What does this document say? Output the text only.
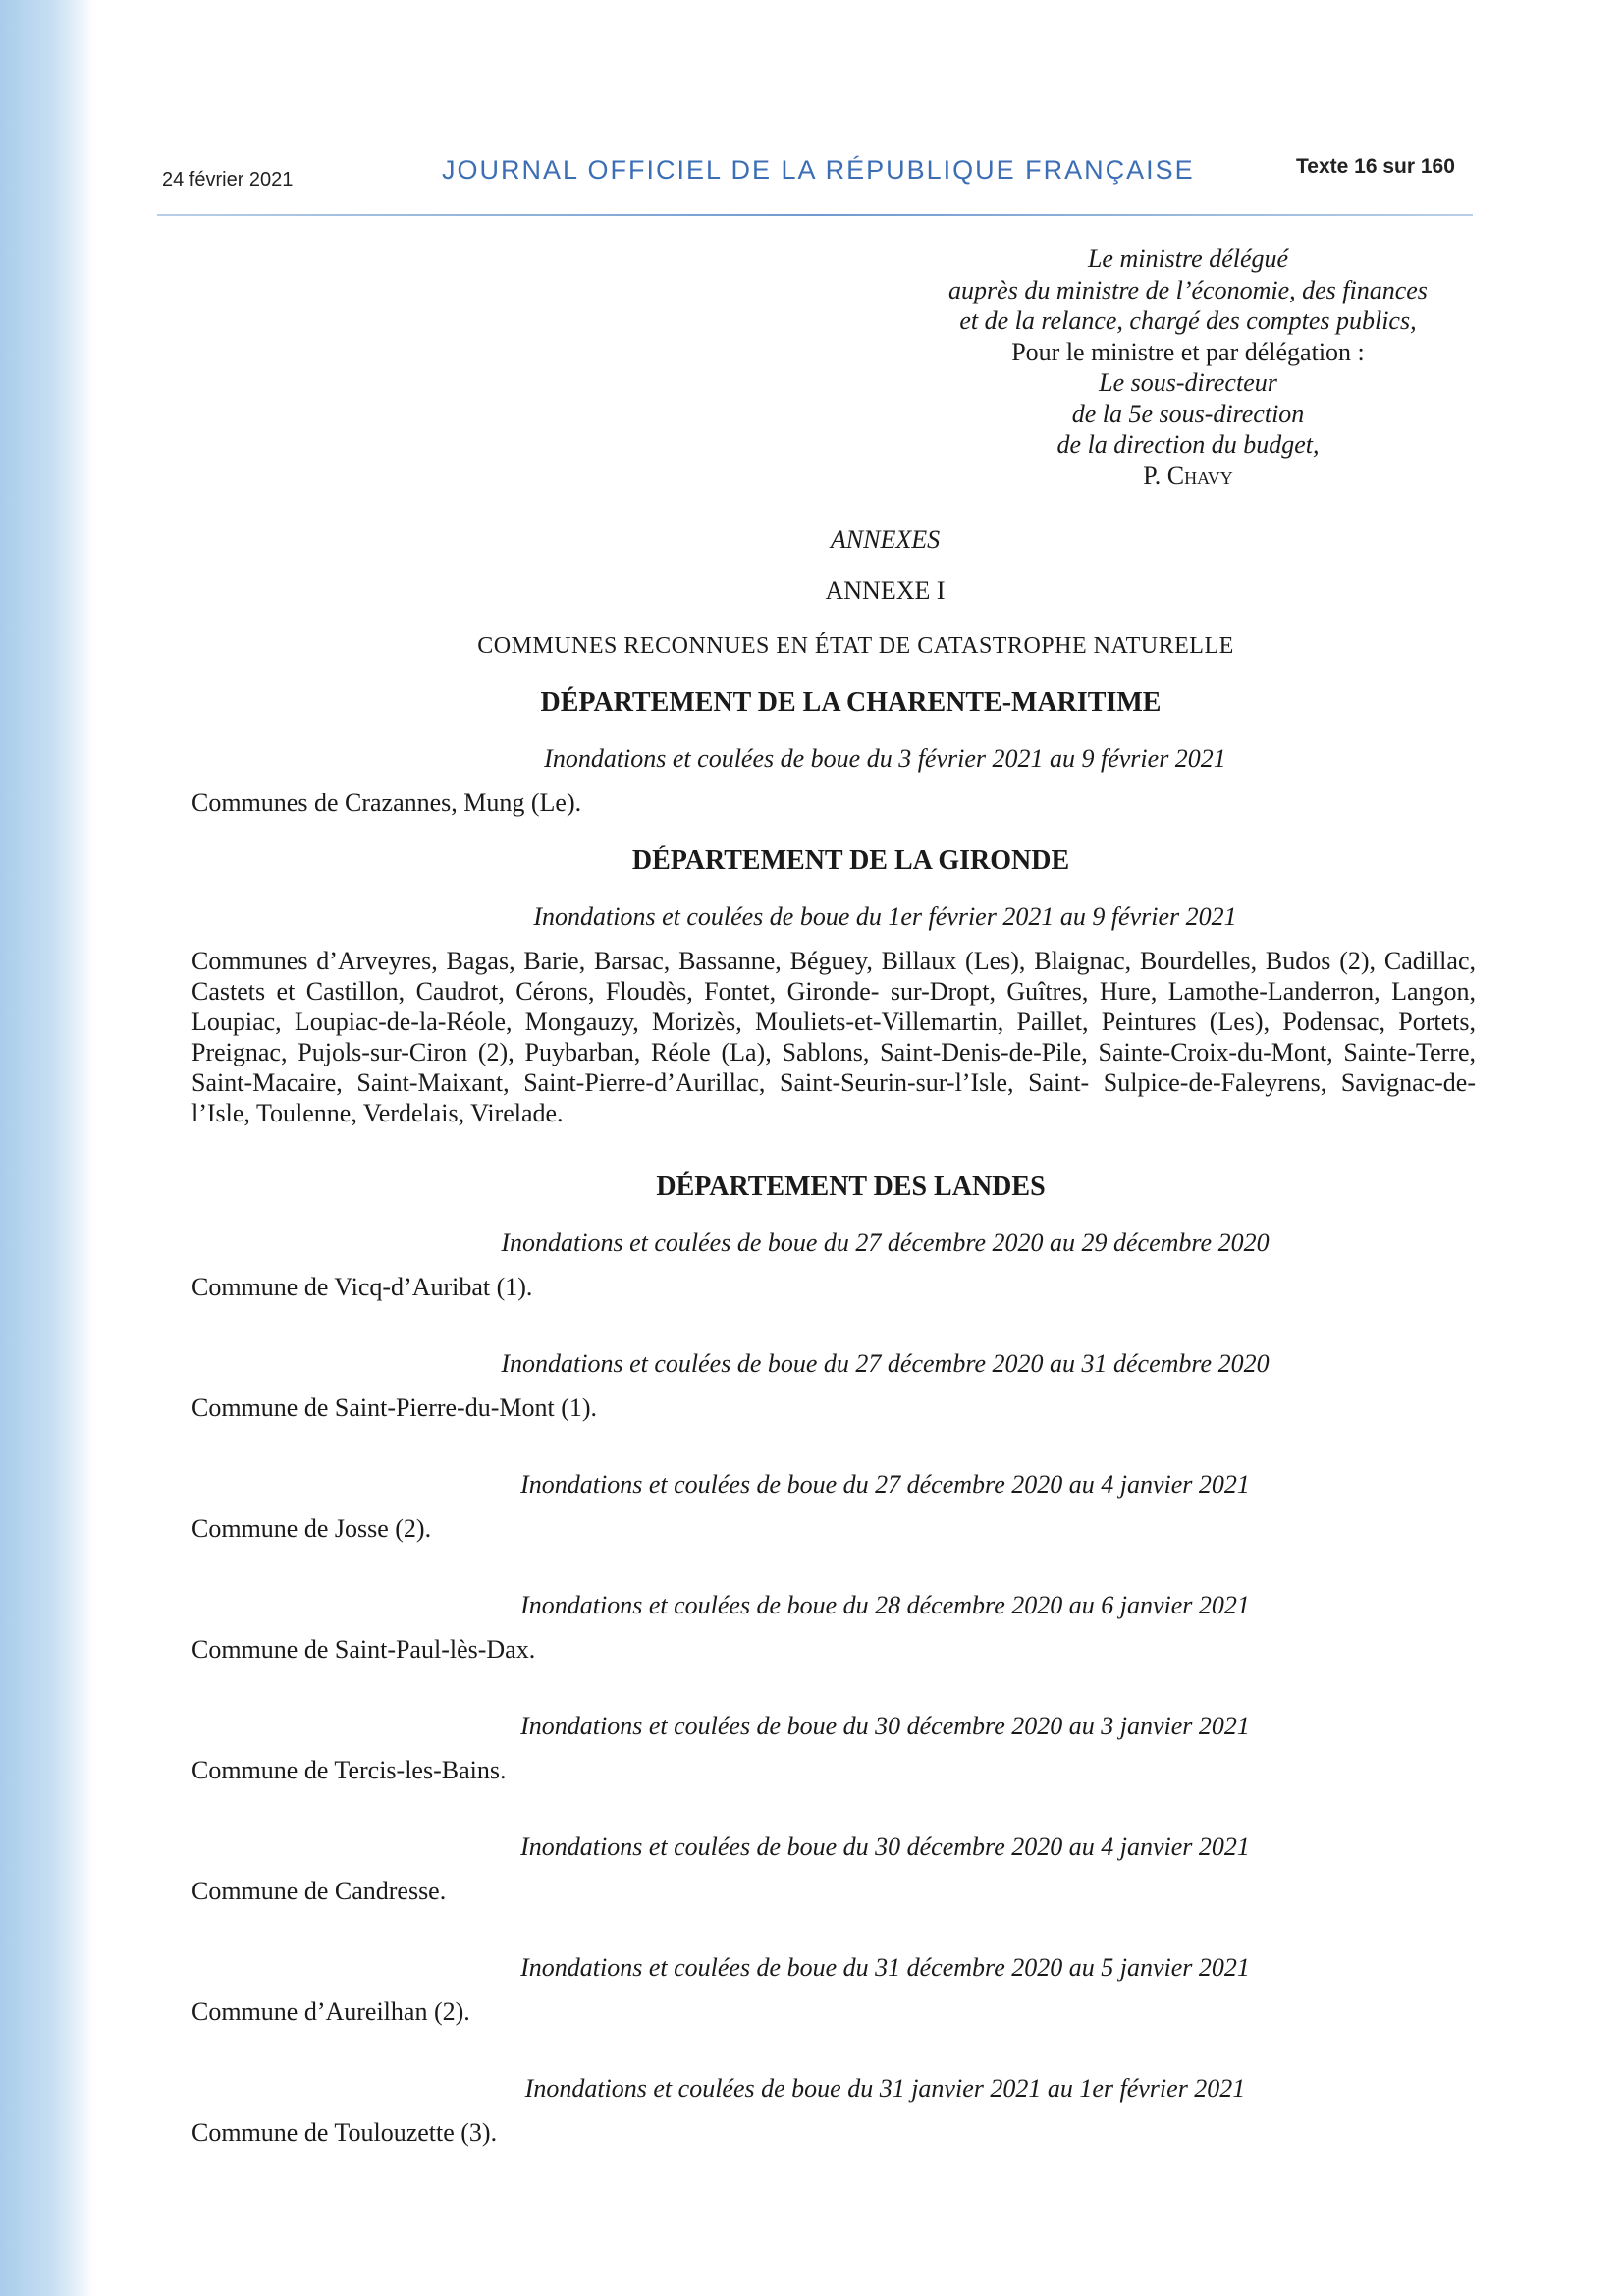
24 février 2021	JOURNAL OFFICIEL DE LA RÉPUBLIQUE FRANÇAISE	Texte 16 sur 160
Le ministre délégué
auprès du ministre de l’économie, des finances
et de la relance, chargé des comptes publics,
Pour le ministre et par délégation :
Le sous-directeur
de la 5e sous-direction
de la direction du budget,
P. Chavy

ANNEXES

ANNEXE I

COMMUNES RECONNUES EN ÉTAT DE CATASTROPHE NATURELLE

DÉPARTEMENT DE LA CHARENTE-MARITIME

Inondations et coulées de boue du 3 février 2021 au 9 février 2021

Communes de Crazannes, Mung (Le).

DÉPARTEMENT DE LA GIRONDE

Inondations et coulées de boue du 1er février 2021 au 9 février 2021

Communes d’Arveyres, Bagas, Barie, Barsac, Bassanne, Béguey, Billaux (Les), Blaignac, Bourdelles, Budos (2), Cadillac, Castets et Castillon, Caudrot, Cérons, Floudès, Fontet, Gironde- sur-Dropt, Guîtres, Hure, Lamothe-Landerron, Langon, Loupiac, Loupiac-de-la-Réole, Mongauzy, Morizès, Mouliets-et-Villemartin, Paillet, Peintures (Les), Podensac, Portets, Preignac, Pujols-sur-Ciron (2), Puybarban, Réole (La), Sablons, Saint-Denis-de-Pile, Sainte-Croix-du-Mont, Sainte-Terre, Saint-Macaire, Saint-Maixant, Saint-Pierre-d’Aurillac, Saint-Seurin-sur-l’Isle, Saint- Sulpice-de-Faleyrens, Savignac-de-l’Isle, Toulenne, Verdelais, Virelade.

DÉPARTEMENT DES LANDES

Inondations et coulées de boue du 27 décembre 2020 au 29 décembre 2020

Commune de Vicq-d’Auribat (1).

Inondations et coulées de boue du 27 décembre 2020 au 31 décembre 2020

Commune de Saint-Pierre-du-Mont (1).

Inondations et coulées de boue du 27 décembre 2020 au 4 janvier 2021

Commune de Josse (2).

Inondations et coulées de boue du 28 décembre 2020 au 6 janvier 2021

Commune de Saint-Paul-lès-Dax.

Inondations et coulées de boue du 30 décembre 2020 au 3 janvier 2021

Commune de Tercis-les-Bains.

Inondations et coulées de boue du 30 décembre 2020 au 4 janvier 2021

Commune de Candresse.

Inondations et coulées de boue du 31 décembre 2020 au 5 janvier 2021

Commune d’Aureilhan (2).

Inondations et coulées de boue du 31 janvier 2021 au 1er février 2021

Commune de Toulouzette (3).
